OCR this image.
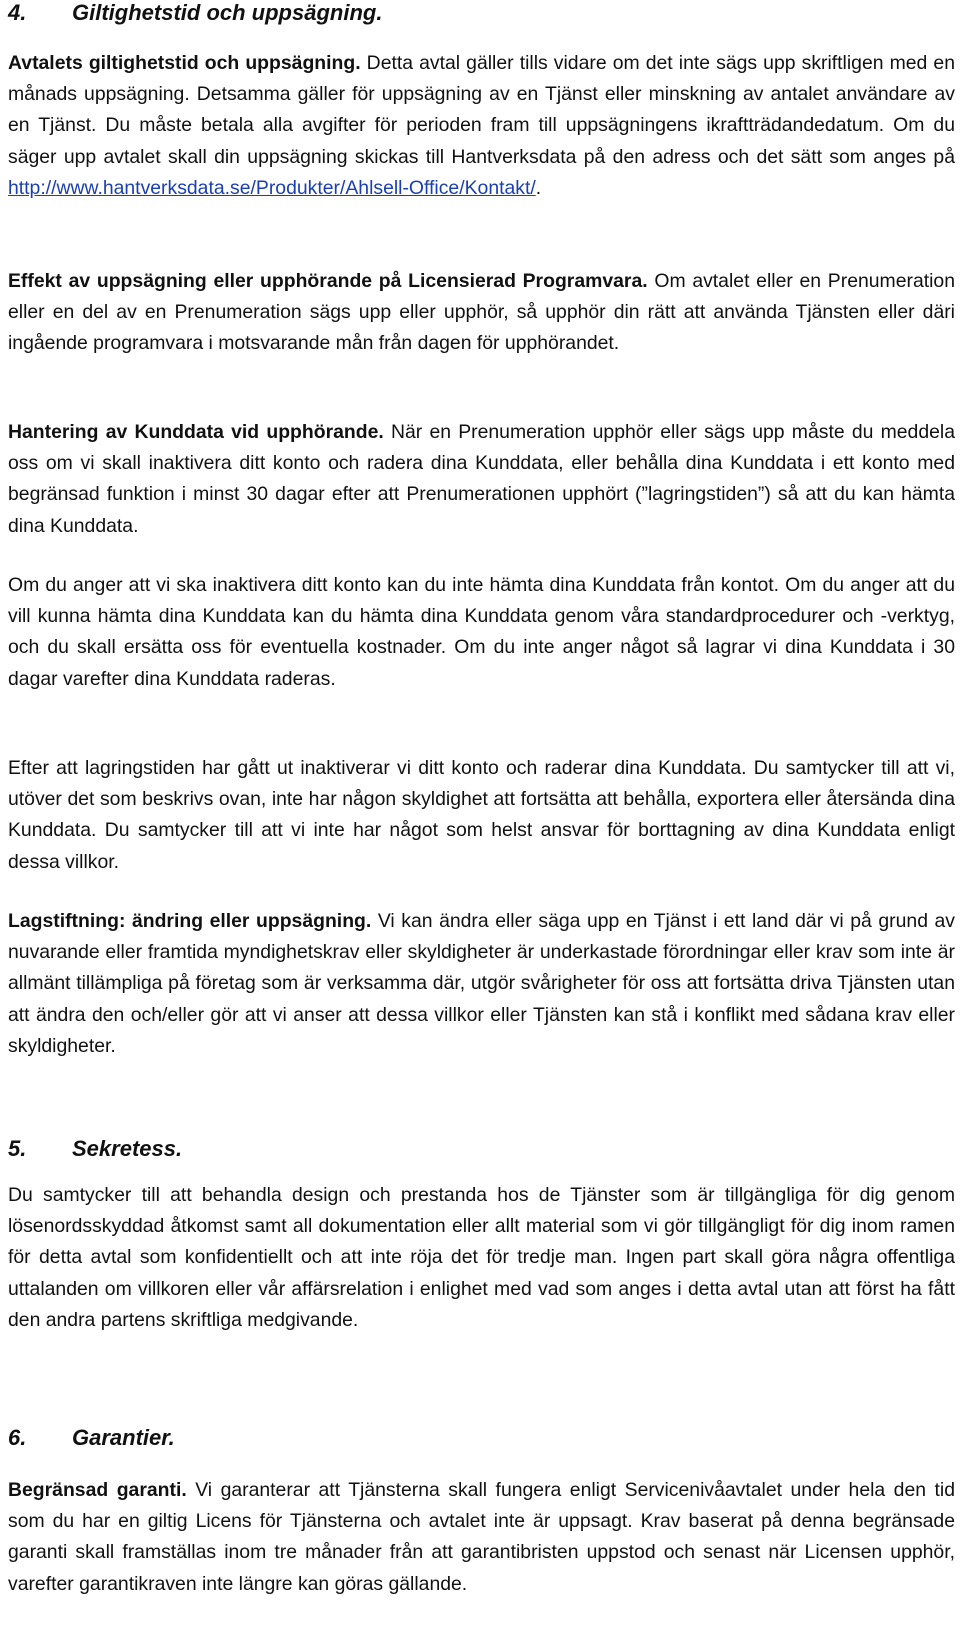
4. Giltighetstid och uppsägning.

Avtalets giltighetstid och uppsägning. Detta avtal gäller tills vidare om det inte sägs upp skriftligen med en månads uppsägning. Detsamma gäller för uppsägning av en Tjänst eller minskning av antalet användare av en Tjänst. Du måste betala alla avgifter för perioden fram till uppsägningens ikraftträdandedatum. Om du säger upp avtalet skall din uppsägning skickas till Hantverksdata på den adress och det sätt som anges på http://www.hantverksdata.se/Produkter/Ahlsell-Office/Kontakt/.

Effekt av uppsägning eller upphörande på Licensierad Programvara. Om avtalet eller en Prenumeration eller en del av en Prenumeration sägs upp eller upphör, så upphör din rätt att använda Tjänsten eller däri ingående programvara i motsvarande mån från dagen för upphörandet.

Hantering av Kunddata vid upphörande. När en Prenumeration upphör eller sägs upp måste du meddela oss om vi skall inaktivera ditt konto och radera dina Kunddata, eller behålla dina Kunddata i ett konto med begränsad funktion i minst 30 dagar efter att Prenumerationen upphört (”lagringstiden”) så att du kan hämta dina Kunddata.

Om du anger att vi ska inaktivera ditt konto kan du inte hämta dina Kunddata från kontot. Om du anger att du vill kunna hämta dina Kunddata kan du hämta dina Kunddata genom våra standardprocedurer och -verktyg, och du skall ersätta oss för eventuella kostnader. Om du inte anger något så lagrar vi dina Kunddata i 30 dagar varefter dina Kunddata raderas.

Efter att lagringstiden har gått ut inaktiverar vi ditt konto och raderar dina Kunddata. Du samtycker till att vi, utöver det som beskrivs ovan, inte har någon skyldighet att fortsätta att behålla, exportera eller återsända dina Kunddata. Du samtycker till att vi inte har något som helst ansvar för borttagning av dina Kunddata enligt dessa villkor.

Lagstiftning: ändring eller uppsägning. Vi kan ändra eller säga upp en Tjänst i ett land där vi på grund av nuvarande eller framtida myndighetskrav eller skyldigheter är underkastade förordningar eller krav som inte är allmänt tillämpliga på företag som är verksamma där, utgör svårigheter för oss att fortsätta driva Tjänsten utan att ändra den och/eller gör att vi anser att dessa villkor eller Tjänsten kan stå i konflikt med sådana krav eller skyldigheter.

5. Sekretess.

Du samtycker till att behandla design och prestanda hos de Tjänster som är tillgängliga för dig genom lösenordsskyddad åtkomst samt all dokumentation eller allt material som vi gör tillgängligt för dig inom ramen för detta avtal som konfidentiellt och att inte röja det för tredje man. Ingen part skall göra några offentliga uttalanden om villkoren eller vår affärsrelation i enlighet med vad som anges i detta avtal utan att först ha fått den andra partens skriftliga medgivande.

6. Garantier.

Begränsad garanti. Vi garanterar att Tjänsterna skall fungera enligt Servicenivåavtalet under hela den tid som du har en giltig Licens för Tjänsterna och avtalet inte är uppsagt. Krav baserat på denna begränsade garanti skall framställas inom tre månader från att garantibristen uppstod och senast när Licensen upphör, varefter garantikraven inte längre kan göras gällande.
